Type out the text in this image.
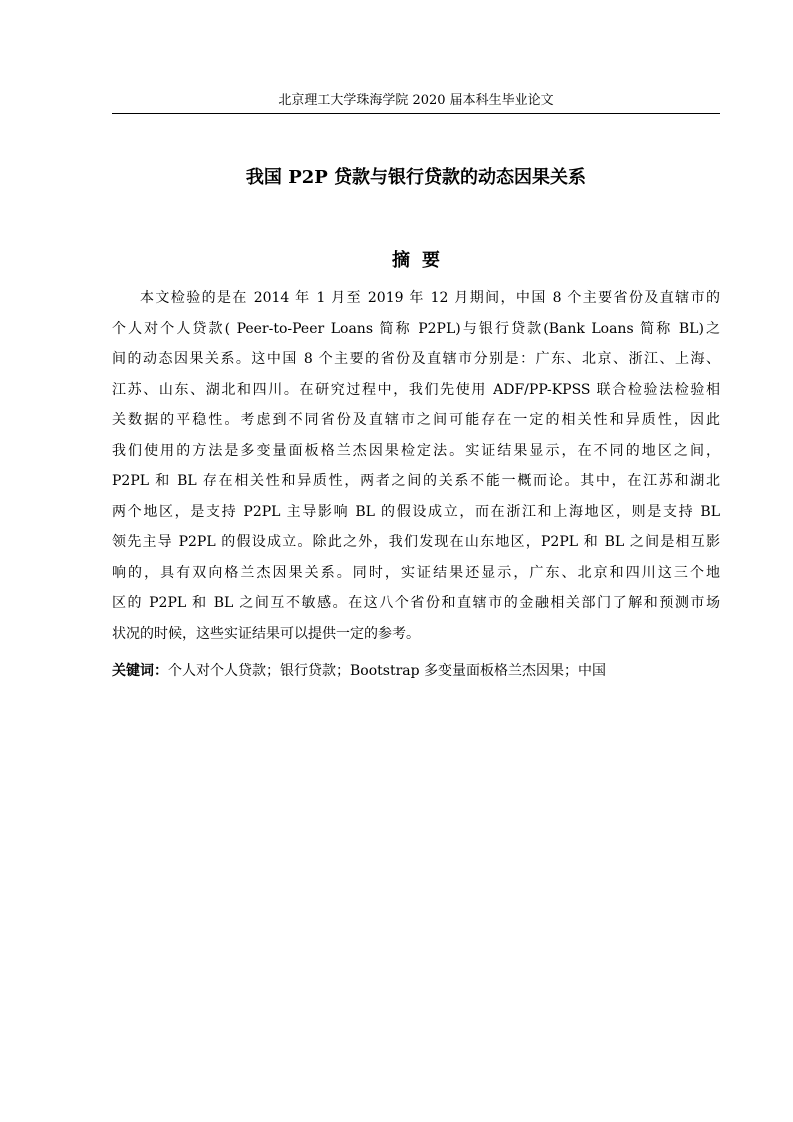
北京理工大学珠海学院 2020 届本科生毕业论文
我国 P2P 贷款与银行贷款的动态因果关系
摘要
本文检验的是在 2014 年 1 月至 2019 年 12 月期间，中国 8 个主要省份及直辖市的
个人对个人贷款( Peer-to-Peer Loans 简称 P2PL)与银行贷款(Bank Loans 简称 BL)之
间的动态因果关系。这中国 8 个主要的省份及直辖市分别是：广东、北京、浙江、上海、
江苏、山东、湖北和四川。在研究过程中，我们先使用 ADF/PP-KPSS 联合检验法检验相
关数据的平稳性。考虑到不同省份及直辖市之间可能存在一定的相关性和异质性，因此
我们使用的方法是多变量面板格兰杰因果检定法。实证结果显示，在不同的地区之间，
P2PL 和 BL 存在相关性和异质性，两者之间的关系不能一概而论。其中，在江苏和湖北
两个地区，是支持 P2PL 主导影响 BL 的假设成立，而在浙江和上海地区，则是支持 BL
领先主导 P2PL 的假设成立。除此之外，我们发现在山东地区，P2PL 和 BL 之间是相互影
响的，具有双向格兰杰因果关系。同时，实证结果还显示，广东、北京和四川这三个地
区的 P2PL 和 BL 之间互不敏感。在这八个省份和直辖市的金融相关部门了解和预测市场
状况的时候，这些实证结果可以提供一定的参考。
关键词：个人对个人贷款；银行贷款；Bootstrap 多变量面板格兰杰因果；中国
